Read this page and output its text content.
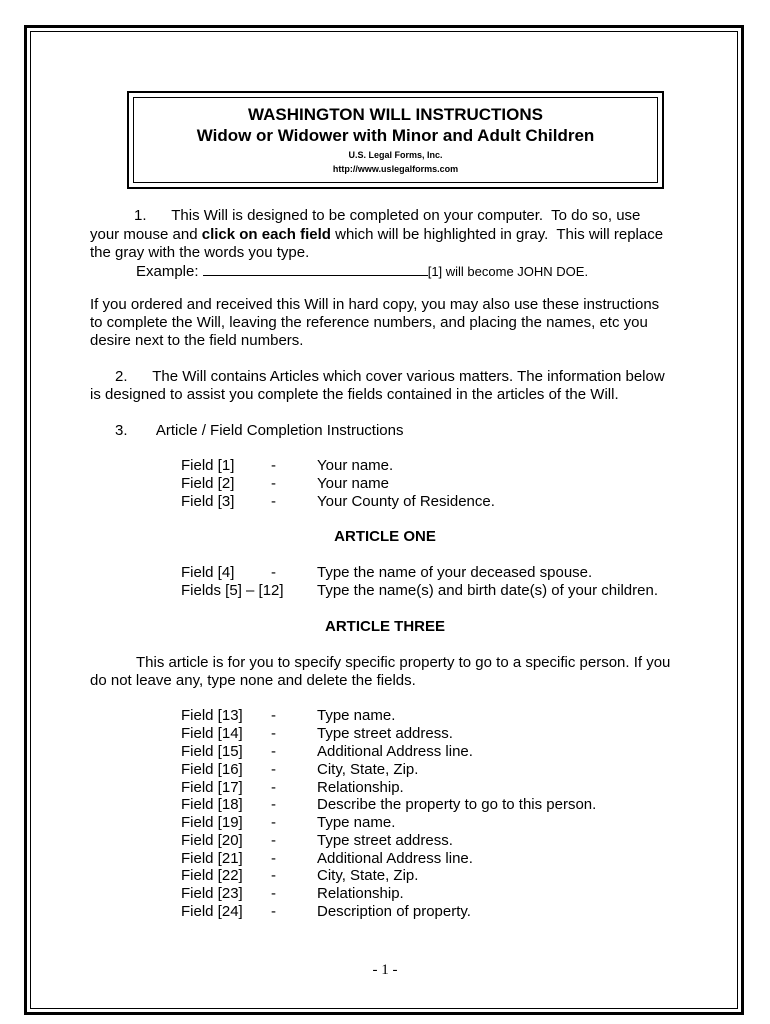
WASHINGTON WILL INSTRUCTIONS
Widow or Widower with Minor and Adult Children
U.S. Legal Forms, Inc.
http://www.uslegalforms.com
1. This Will is designed to be completed on your computer.  To do so, use
your mouse and click on each field which will be highlighted in gray.  This will replace
the gray with the words you type.
Example:	[1] will become JOHN DOE.
If you ordered and received this Will in hard copy, you may also use these instructions
to complete the Will, leaving the reference numbers, and placing the names, etc you
desire next to the field numbers.
2. The Will contains Articles which cover various matters. The information below
is designed to assist you complete the fields contained in the articles of the Will.
3. Article / Field Completion Instructions
Field [1] -	Your name.
Field [2] -	Your name
Field [3] -	Your County of Residence.
ARTICLE ONE
Field [4] -	Type the name of your deceased spouse.
Fields [5] – [12] Type the name(s) and birth date(s) of your children.
ARTICLE THREE
This article is for you to specify specific property to go to a specific person. If you
do not leave any, type none and delete the fields.
Field [13] -	Type name.
Field [14] -	Type street address.
Field [15] -	Additional Address line.
Field [16] -	City, State, Zip.
Field [17] -	Relationship.
Field [18] -	Describe the property to go to this person.
Field [19] -	Type name.
Field [20] -	Type street address.
Field [21] -	Additional Address line.
Field [22] -	City, State, Zip.
Field [23] -	Relationship.
Field [24] -	Description of property.
- 1 -
